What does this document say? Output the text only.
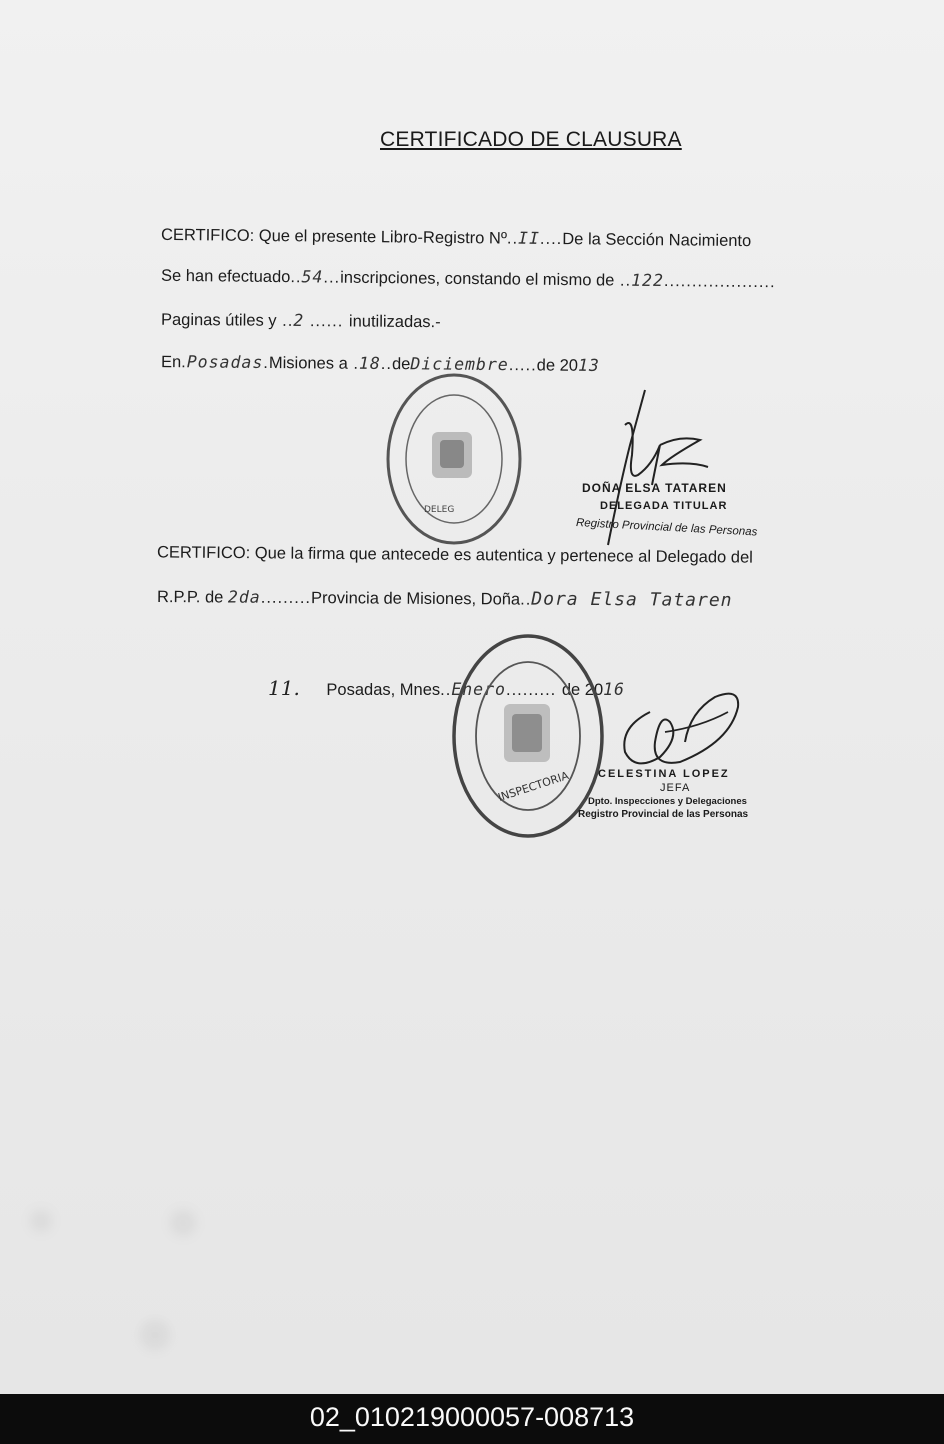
CERTIFICADO DE CLAUSURA
CERTIFICO: Que el presente Libro-Registro Nº..II....De la Sección Nacimiento
Se han efectuado..54...inscripciones, constando el mismo de ..122....................
Paginas útiles y ..2 ...... inutilizadas.-
En.Posadas.Misiones a .18..deDiciembre.....de 2013
DELEG
DOÑA ELSA TATAREN
DELEGADA TITULAR
Registro Provincial de las Personas
CERTIFICO: Que la firma que antecede es autentica y pertenece al Delegado del
R.P.P. de 2da.........Provincia de Misiones, Doña..Dora Elsa Tataren
11. Posadas, Mnes..Enero......... de 2016
INSPECTORIA	CELESTINA LOPEZ
JEFA
Dpto. Inspecciones y Delegaciones
Registro Provincial de las Personas
02_010219000057-008713
